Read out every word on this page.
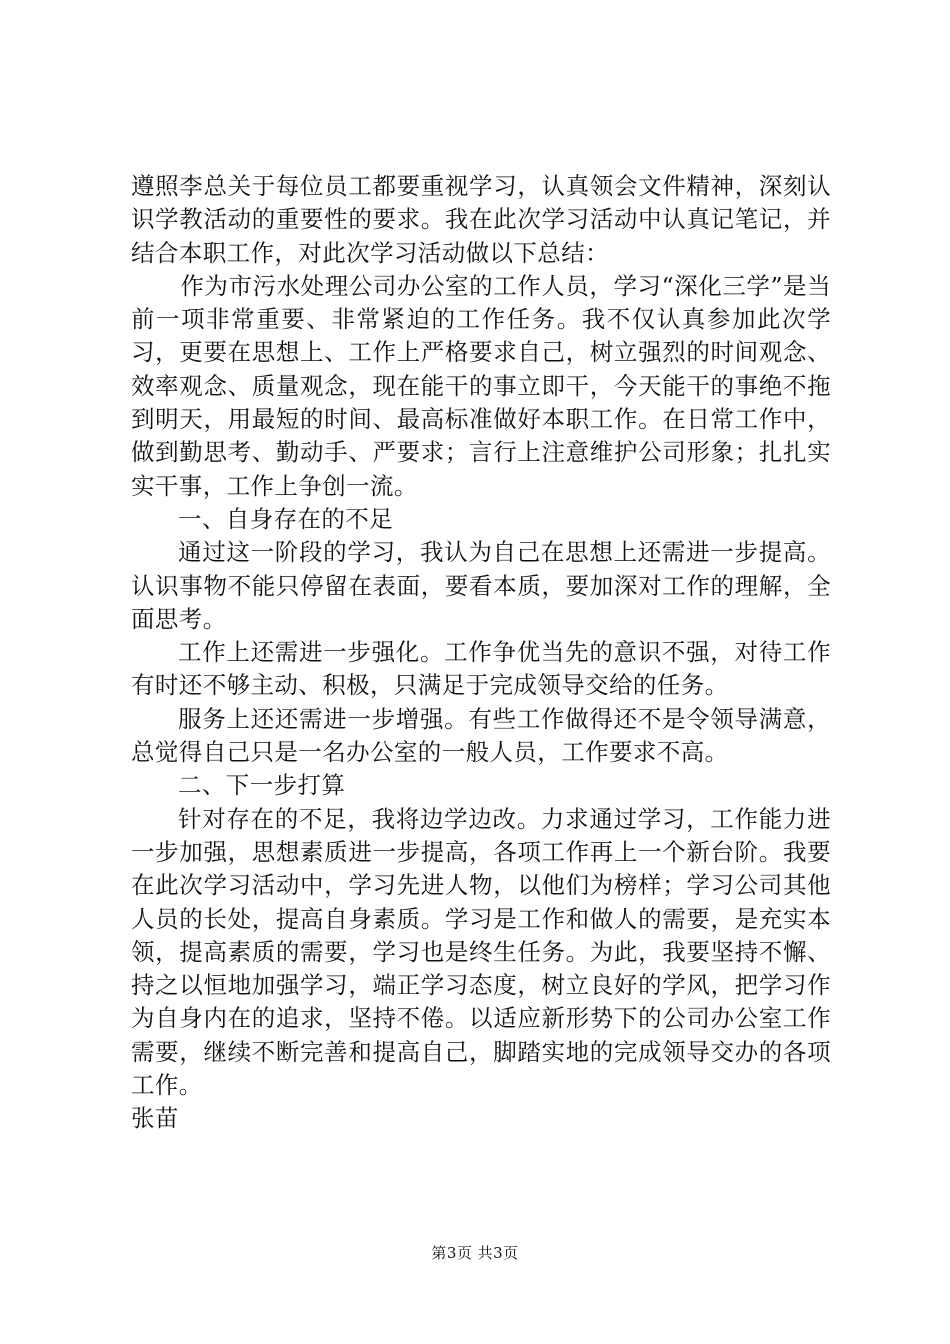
遵照李总关于每位员工都要重视学习，认真领会文件精神，深刻认识学教活动的重要性的要求。我在此次学习活动中认真记笔记，并结合本职工作，对此次学习活动做以下总结：

作为市污水处理公司办公室的工作人员，学习“深化三学”是当前一项非常重要、非常紧迫的工作任务。我不仅认真参加此次学习，更要在思想上、工作上严格要求自己，树立强烈的时间观念、效率观念、质量观念，现在能干的事立即干，今天能干的事绝不拖到明天，用最短的时间、最高标准做好本职工作。在日常工作中，做到勤思考、勤动手、严要求；言行上注意维护公司形象；扎扎实实干事，工作上争创一流。

一、自身存在的不足

通过这一阶段的学习，我认为自己在思想上还需进一步提高。认识事物不能只停留在表面，要看本质，要加深对工作的理解，全面思考。

工作上还需进一步强化。工作争优当先的意识不强，对待工作有时还不够主动、积极，只满足于完成领导交给的任务。

服务上还还需进一步增强。有些工作做得还不是令领导满意，总觉得自己只是一名办公室的一般人员，工作要求不高。

二、下一步打算

针对存在的不足，我将边学边改。力求通过学习，工作能力进一步加强，思想素质进一步提高，各项工作再上一个新台阶。我要在此次学习活动中，学习先进人物，以他们为榜样；学习公司其他人员的长处，提高自身素质。学习是工作和做人的需要，是充实本领，提高素质的需要，学习也是终生任务。为此，我要坚持不懈、持之以恒地加强学习，端正学习态度，树立良好的学风，把学习作为自身内在的追求，坚持不倦。以适应新形势下的公司办公室工作需要，继续不断完善和提高自己，脚踏实地的完成领导交办的各项工作。

张苗

第3页 共3页
